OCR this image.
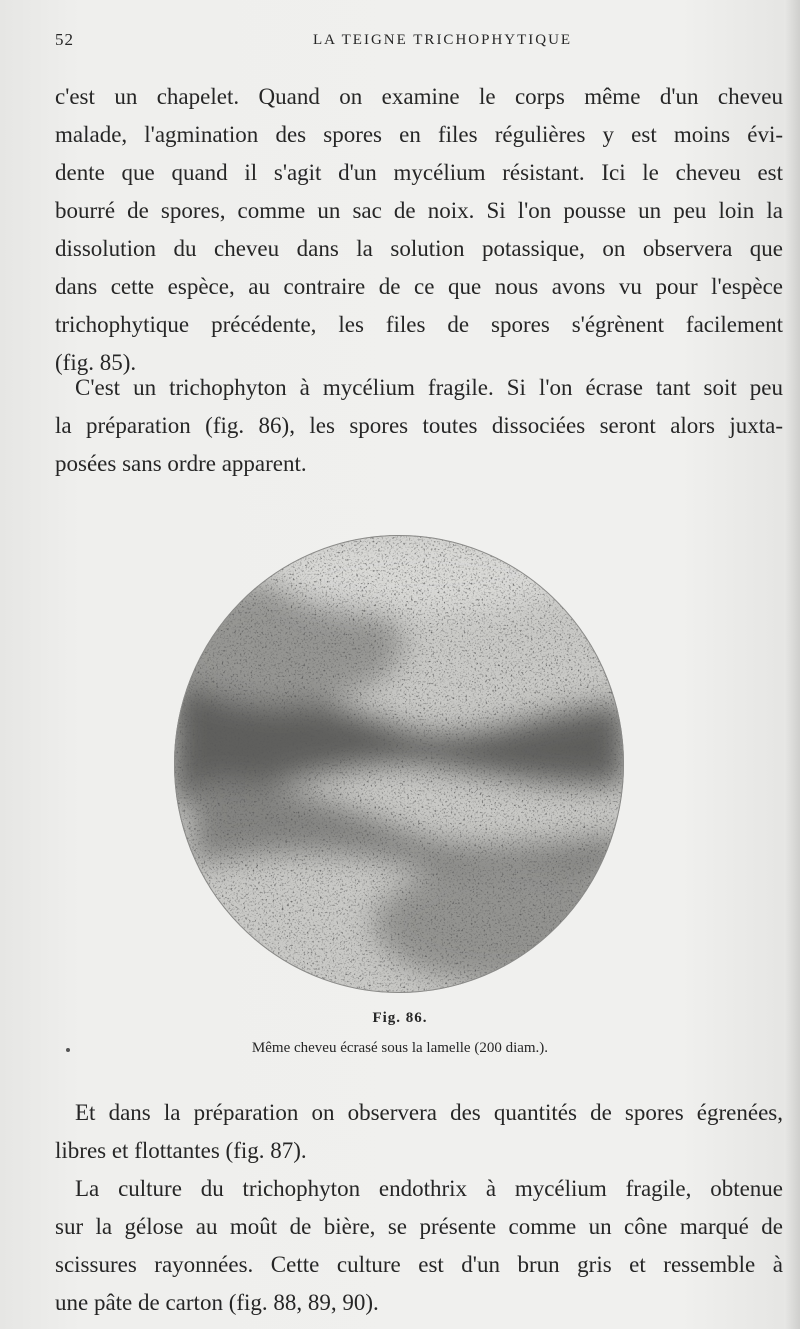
52	LA TEIGNE TRICHOPHYTIQUE
c'est un chapelet. Quand on examine le corps même d'un cheveu
malade, l'agmination des spores en files régulières y est moins évi-
dente que quand il s'agit d'un mycélium résistant. Ici le cheveu est
bourré de spores, comme un sac de noix. Si l'on pousse un peu loin la
dissolution du cheveu dans la solution potassique, on observera que
dans cette espèce, au contraire de ce que nous avons vu pour l'espèce
trichophytique précédente, les files de spores s'égrènent facilement
(fig. 85).
C'est un trichophyton à mycélium fragile. Si l'on écrase tant soit peu
la préparation (fig. 86), les spores toutes dissociées seront alors juxta-
posées sans ordre apparent.
Fig. 86.
Même cheveu écrasé sous la lamelle (200 diam.).
Et dans la préparation on observera des quantités de spores égrenées,
libres et flottantes (fig. 87).
La culture du trichophyton endothrix à mycélium fragile, obtenue
sur la gélose au moût de bière, se présente comme un cône marqué de
scissures rayonnées. Cette culture est d'un brun gris et ressemble à
une pâte de carton (fig. 88, 89, 90).
